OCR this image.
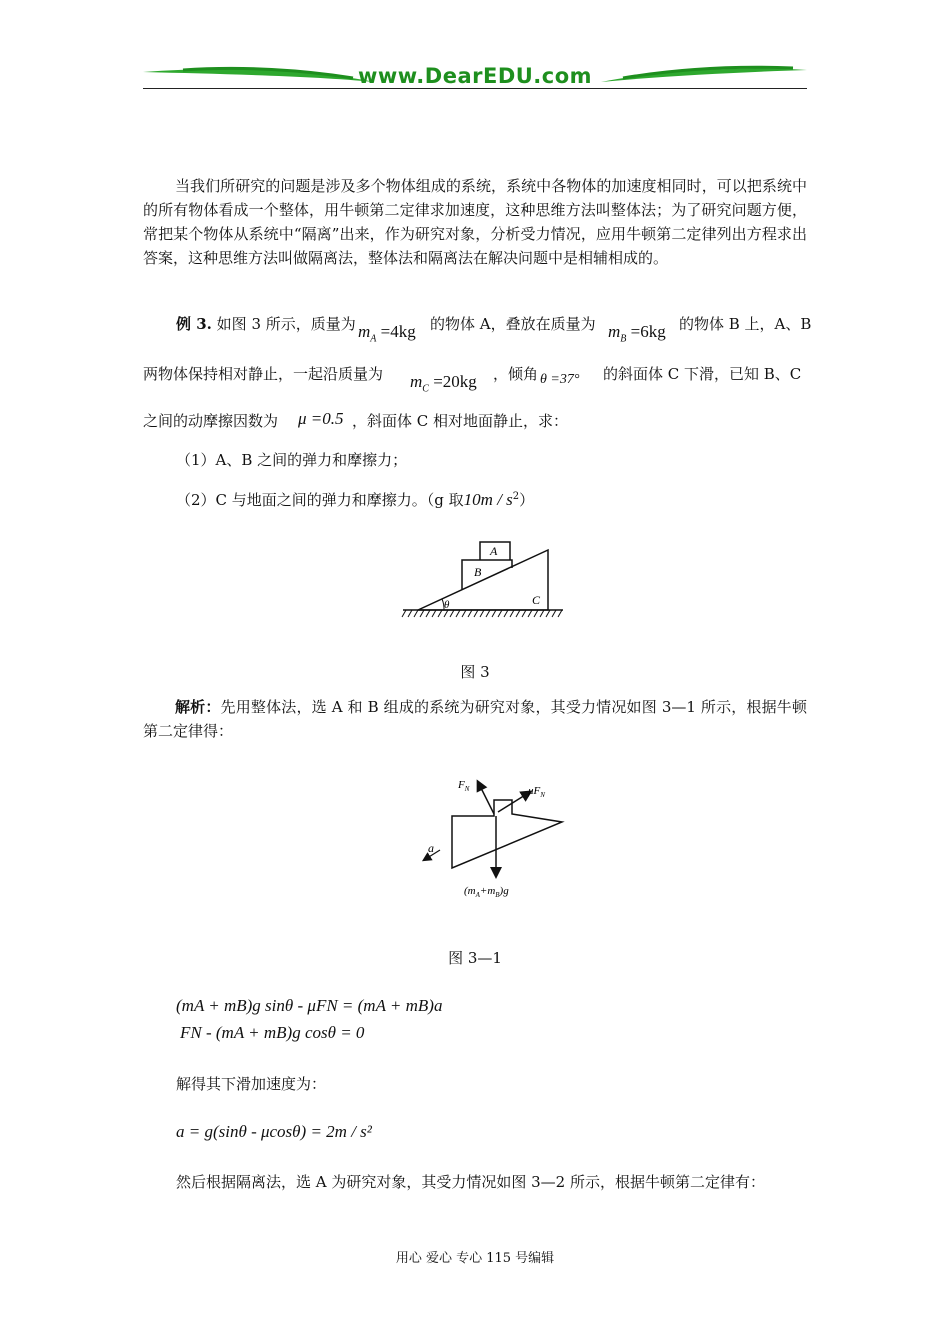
www.DearEDU.com
当我们所研究的问题是涉及多个物体组成的系统，系统中各物体的加速度相同时，可以把系统中的所有物体看成一个整体，用牛顿第二定律求加速度，这种思维方法叫整体法；为了研究问题方便，常把某个物体从系统中“隔离”出来，作为研究对象，分析受力情况，应用牛顿第二定律列出方程求出答案，这种思维方法叫做隔离法，整体法和隔离法在解决问题中是相辅相成的。
例 3. 如图 3 所示，质量为 $m_A =4kg$ 的物体 A，叠放在质量为 $m_B =6kg$ 的物体 B 上，A、B
两物体保持相对静止，一起沿质量为 $m_C =20kg$ ，倾角 θ =37° 的斜面体 C 下滑，已知 B、C
之间的动摩擦因数为 μ =0.5 ，斜面体 C 相对地面静止，求：
（1）A、B 之间的弹力和摩擦力；
（2）C 与地面之间的弹力和摩擦力。（g 取$10m / s^2$）
A
B
C
θ
图 3
解析：先用整体法，选 A 和 B 组成的系统为研究对象，其受力情况如图 3—1 所示，根据牛顿第二定律得：
$F_N$	$\mu F_N$
a
$(m_A+m_B)g$
图 3—1
(mA + mB)g sinθ - μFN = (mA + mB)a
FN - (mA + mB)g cosθ = 0
解得其下滑加速度为：
a = g(sinθ - μcosθ) = 2m / s²
然后根据隔离法，选 A 为研究对象，其受力情况如图 3—2 所示，根据牛顿第二定律有：
用心 爱心 专心 115 号编辑
